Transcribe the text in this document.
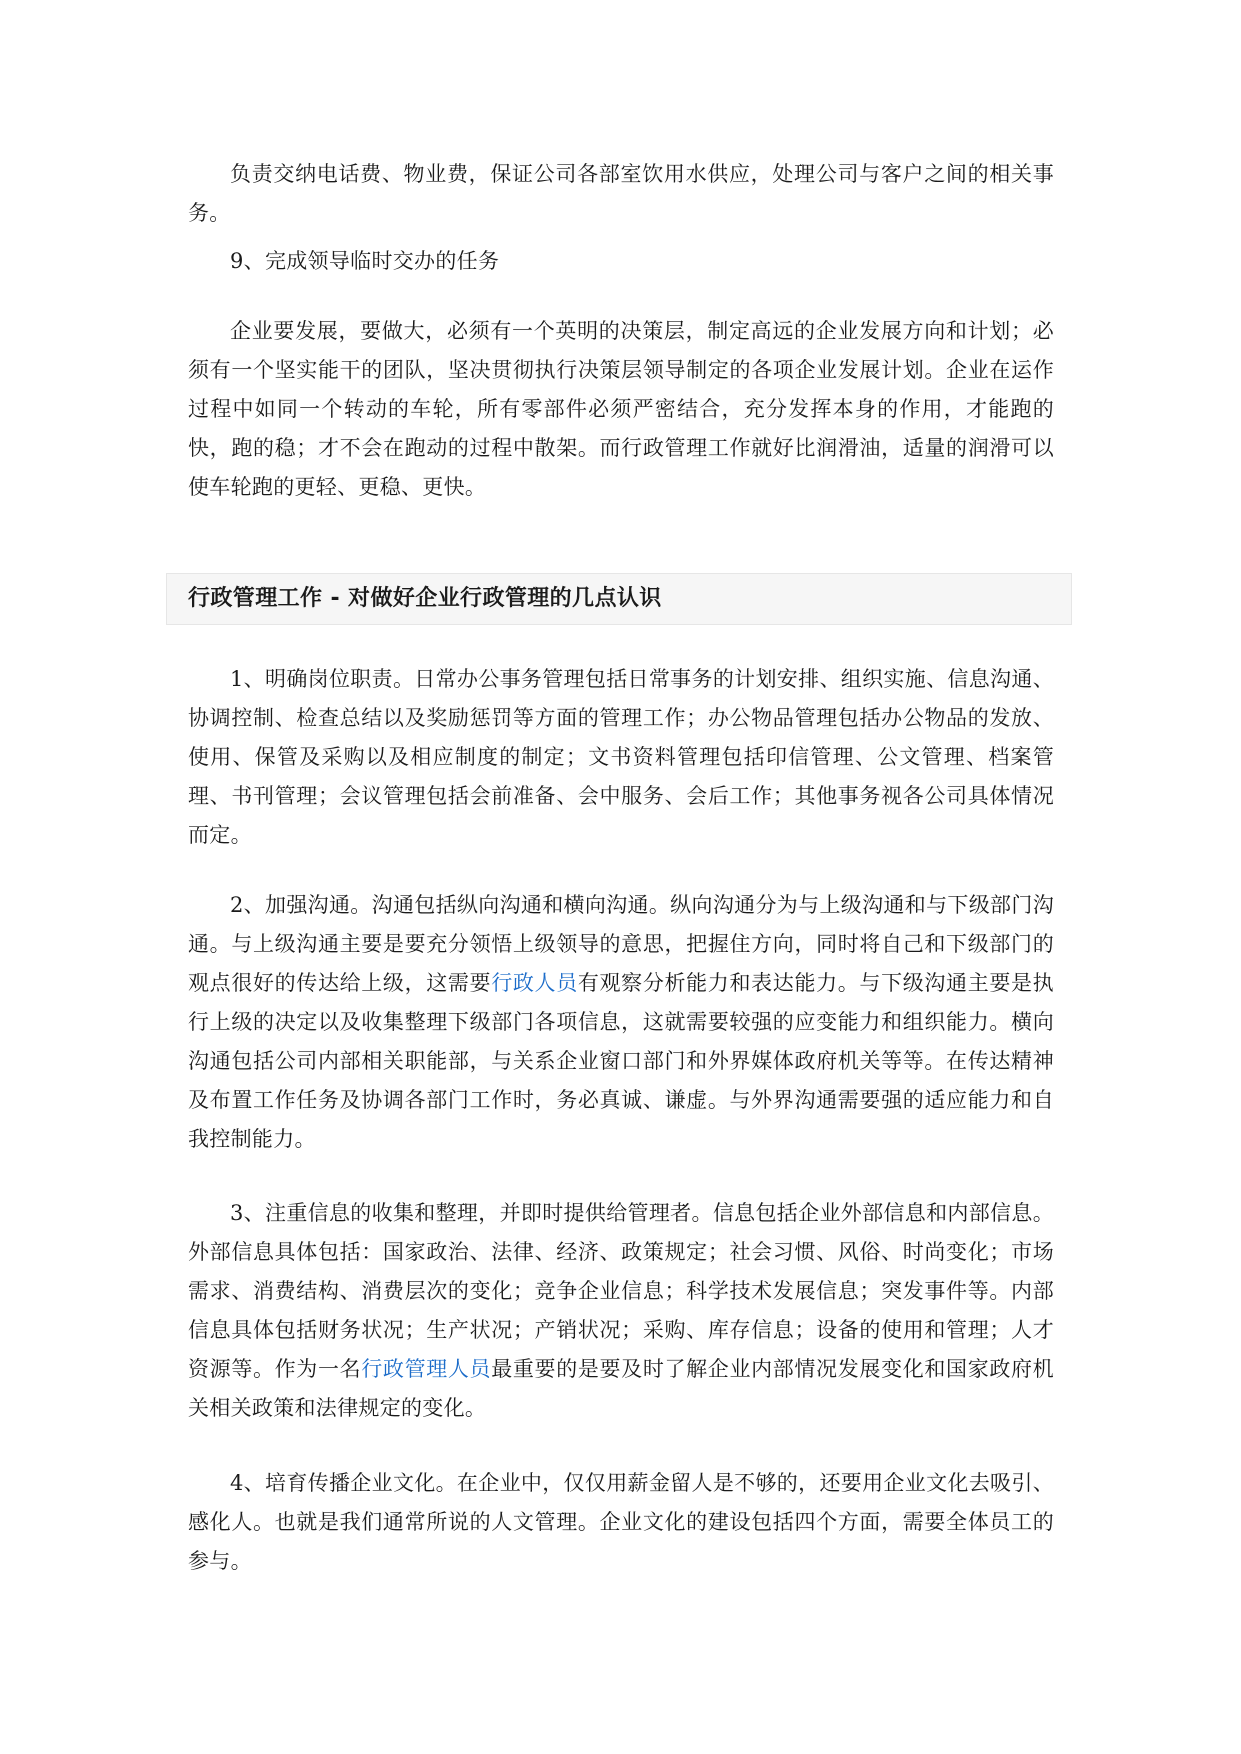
负责交纳电话费、物业费，保证公司各部室饮用水供应，处理公司与客户之间的相关事务。

9、完成领导临时交办的任务

企业要发展，要做大，必须有一个英明的决策层，制定高远的企业发展方向和计划；必须有一个坚实能干的团队，坚决贯彻执行决策层领导制定的各项企业发展计划。企业在运作过程中如同一个转动的车轮，所有零部件必须严密结合，充分发挥本身的作用，才能跑的快，跑的稳；才不会在跑动的过程中散架。而行政管理工作就好比润滑油，适量的润滑可以使车轮跑的更轻、更稳、更快。

行政管理工作 - 对做好企业行政管理的几点认识

1、明确岗位职责。日常办公事务管理包括日常事务的计划安排、组织实施、信息沟通、协调控制、检查总结以及奖励惩罚等方面的管理工作；办公物品管理包括办公物品的发放、使用、保管及采购以及相应制度的制定；文书资料管理包括印信管理、公文管理、档案管理、书刊管理；会议管理包括会前准备、会中服务、会后工作；其他事务视各公司具体情况而定。

2、加强沟通。沟通包括纵向沟通和横向沟通。纵向沟通分为与上级沟通和与下级部门沟通。与上级沟通主要是要充分领悟上级领导的意思，把握住方向，同时将自己和下级部门的观点很好的传达给上级，这需要行政人员有观察分析能力和表达能力。与下级沟通主要是执行上级的决定以及收集整理下级部门各项信息，这就需要较强的应变能力和组织能力。横向沟通包括公司内部相关职能部，与关系企业窗口部门和外界媒体政府机关等等。在传达精神及布置工作任务及协调各部门工作时，务必真诚、谦虚。与外界沟通需要强的适应能力和自我控制能力。

3、注重信息的收集和整理，并即时提供给管理者。信息包括企业外部信息和内部信息。外部信息具体包括：国家政治、法律、经济、政策规定；社会习惯、风俗、时尚变化；市场需求、消费结构、消费层次的变化；竞争企业信息；科学技术发展信息；突发事件等。内部信息具体包括财务状况；生产状况；产销状况；采购、库存信息；设备的使用和管理；人才资源等。作为一名行政管理人员最重要的是要及时了解企业内部情况发展变化和国家政府机关相关政策和法律规定的变化。

4、培育传播企业文化。在企业中，仅仅用薪金留人是不够的，还要用企业文化去吸引、感化人。也就是我们通常所说的人文管理。企业文化的建设包括四个方面，需要全体员工的参与。
